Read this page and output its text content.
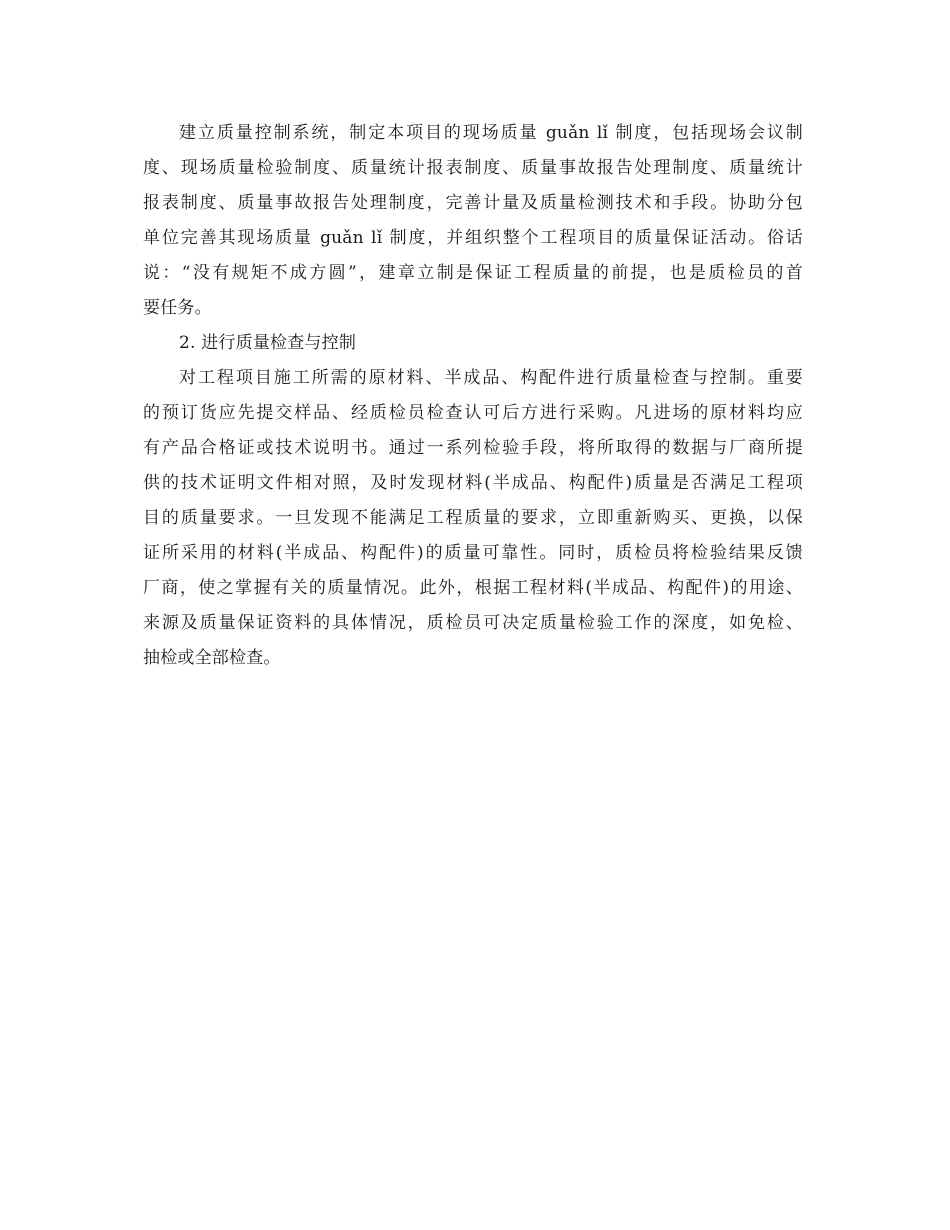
建立质量控制系统，制定本项目的现场质量 guǎn lǐ 制度，包括现场会议制
度、现场质量检验制度、质量统计报表制度、质量事故报告处理制度、质量统计
报表制度、质量事故报告处理制度，完善计量及质量检测技术和手段。协助分包
单位完善其现场质量 guǎn lǐ 制度，并组织整个工程项目的质量保证活动。俗话
说：“没有规矩不成方圆”，建章立制是保证工程质量的前提，也是质检员的首
要任务。
2. 进行质量检查与控制
对工程项目施工所需的原材料、半成品、构配件进行质量检查与控制。重要
的预订货应先提交样品、经质检员检查认可后方进行采购。凡进场的原材料均应
有产品合格证或技术说明书。通过一系列检验手段，将所取得的数据与厂商所提
供的技术证明文件相对照，及时发现材料(半成品、构配件)质量是否满足工程项
目的质量要求。一旦发现不能满足工程质量的要求，立即重新购买、更换，以保
证所采用的材料(半成品、构配件)的质量可靠性。同时，质检员将检验结果反馈
厂商，使之掌握有关的质量情况。此外，根据工程材料(半成品、构配件)的用途、
来源及质量保证资料的具体情况，质检员可决定质量检验工作的深度，如免检、
抽检或全部检查。
